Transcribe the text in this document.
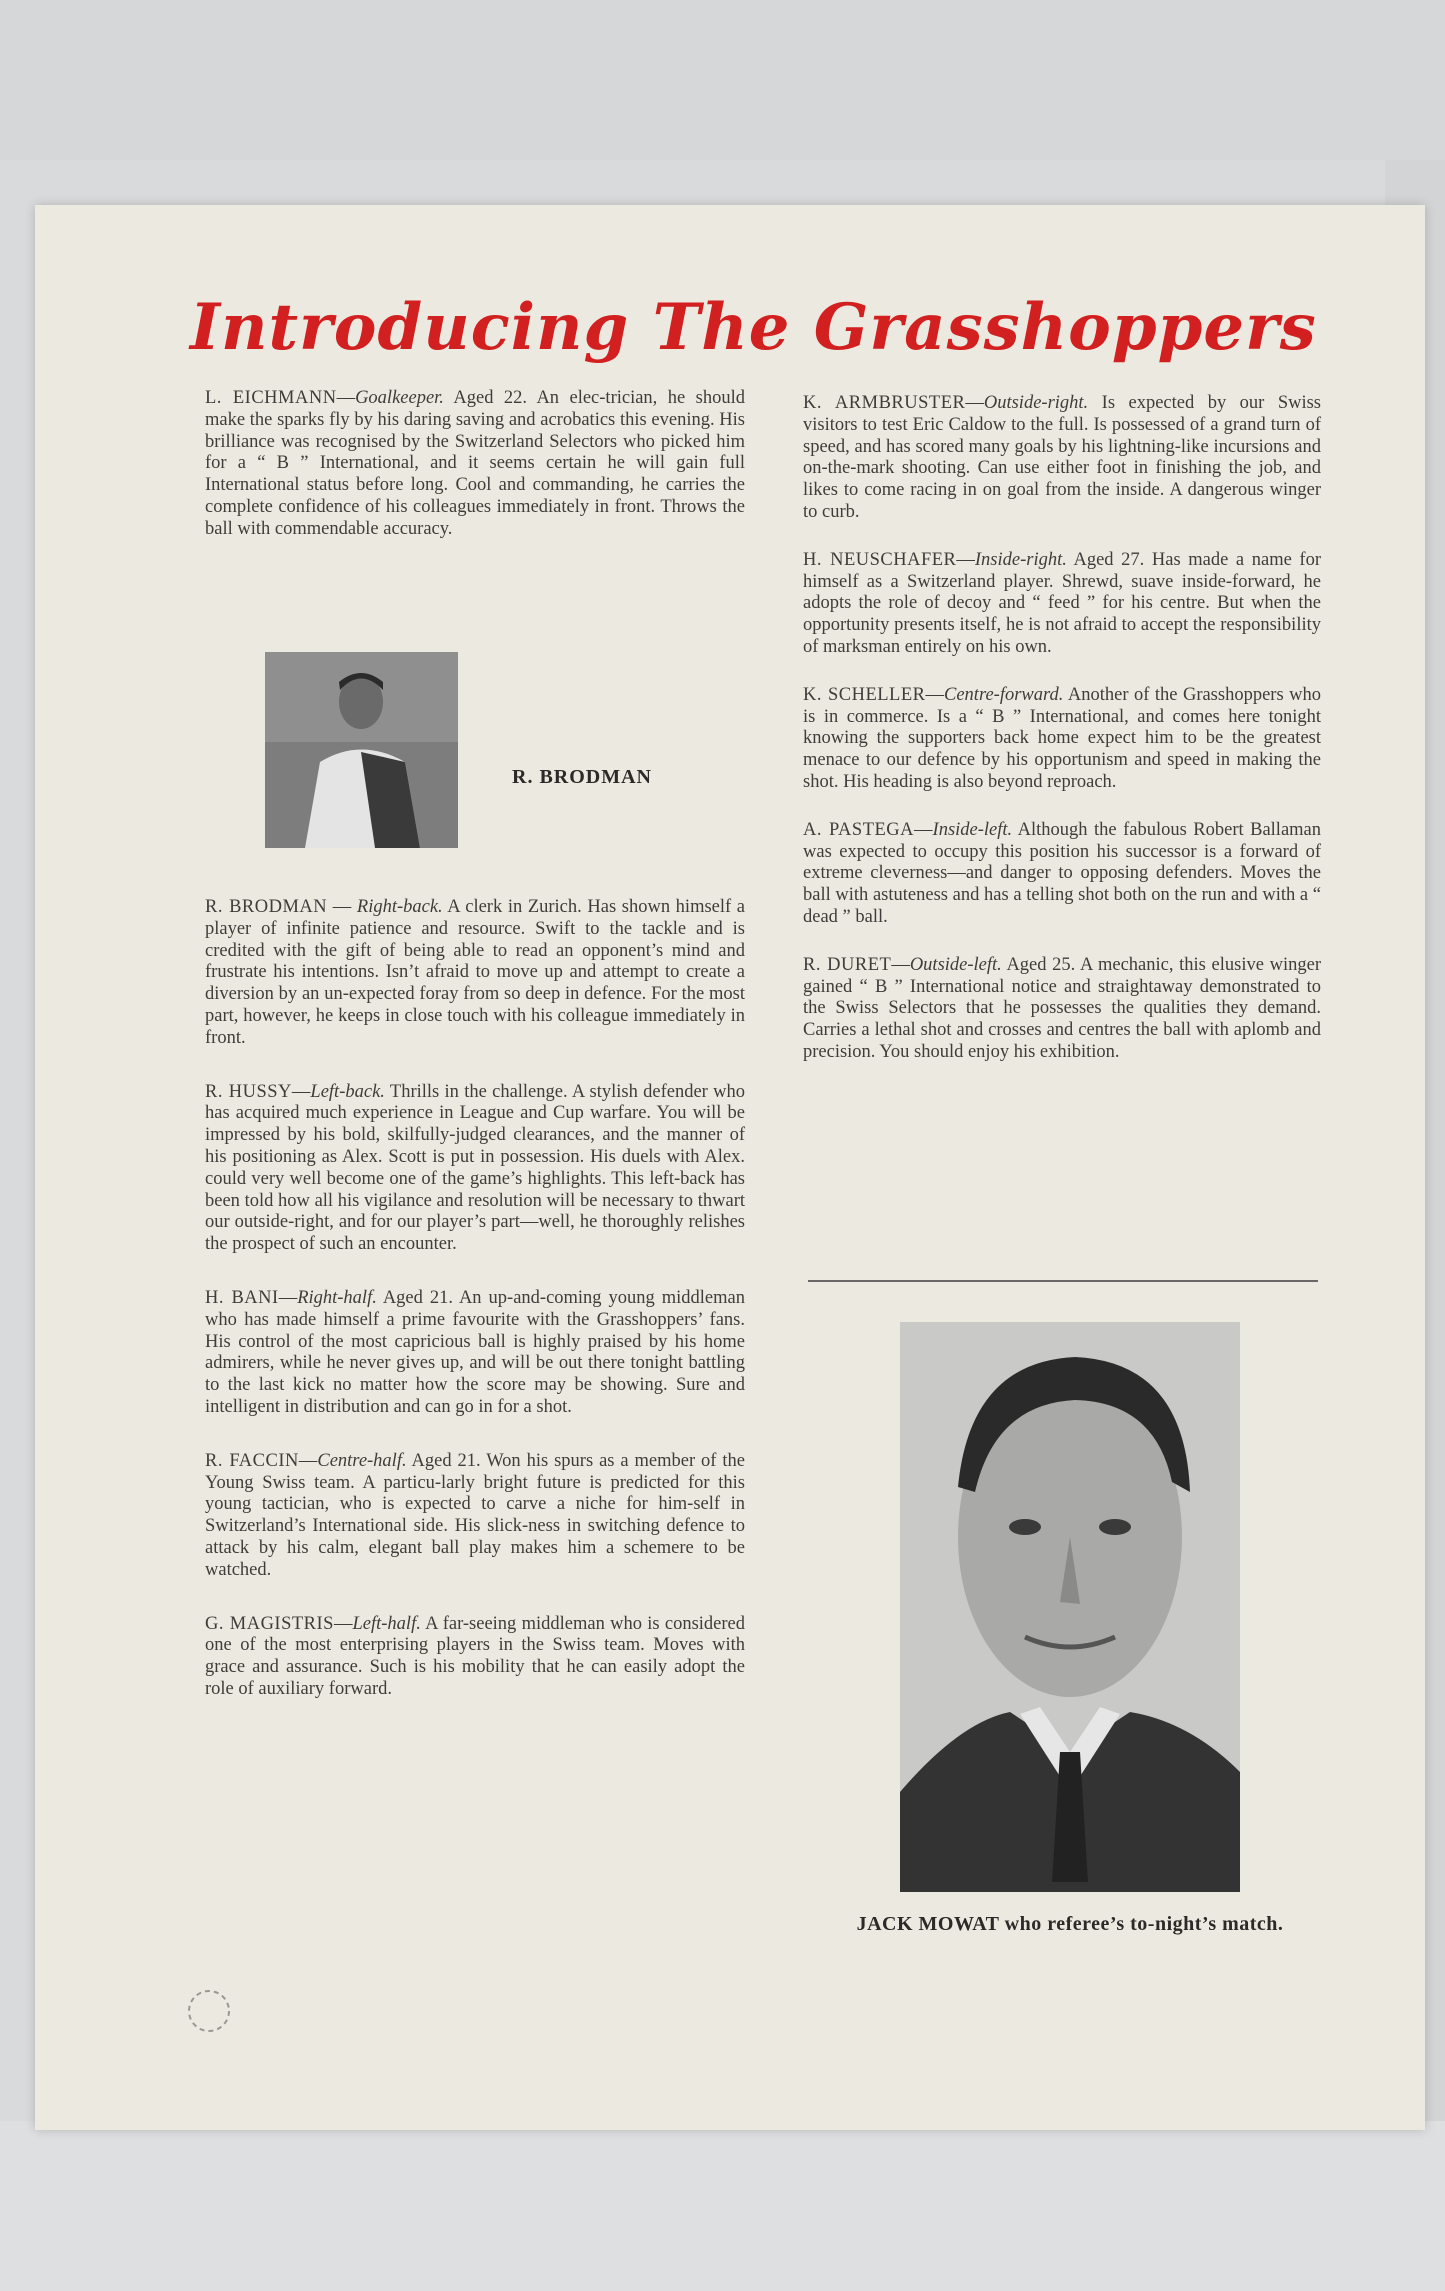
Introducing The Grasshoppers

L. EICHMANN—Goalkeeper. Aged 22. An elec-trician, he should make the sparks fly by his daring saving and acrobatics this evening. His brilliance was recognised by the Switzerland Selectors who picked him for a “ B ” International, and it seems certain he will gain full International status before long. Cool and commanding, he carries the complete confidence of his colleagues immediately in front. Throws the ball with commendable accuracy.

R. BRODMAN

R. BRODMAN — Right-back. A clerk in Zurich. Has shown himself a player of infinite patience and resource. Swift to the tackle and is credited with the gift of being able to read an opponent’s mind and frustrate his intentions. Isn’t afraid to move up and attempt to create a diversion by an un-expected foray from so deep in defence. For the most part, however, he keeps in close touch with his colleague immediately in front.

R. HUSSY—Left-back. Thrills in the challenge. A stylish defender who has acquired much experience in League and Cup warfare. You will be impressed by his bold, skilfully-judged clearances, and the manner of his positioning as Alex. Scott is put in possession. His duels with Alex. could very well become one of the game’s highlights. This left-back has been told how all his vigilance and resolution will be necessary to thwart our outside-right, and for our player’s part—well, he thoroughly relishes the prospect of such an encounter.

H. BANI—Right-half. Aged 21. An up-and-coming young middleman who has made himself a prime favourite with the Grasshoppers’ fans. His control of the most capricious ball is highly praised by his home admirers, while he never gives up, and will be out there tonight battling to the last kick no matter how the score may be showing. Sure and intelligent in distribution and can go in for a shot.

R. FACCIN—Centre-half. Aged 21. Won his spurs as a member of the Young Swiss team. A particu-larly bright future is predicted for this young tactician, who is expected to carve a niche for him-self in Switzerland’s International side. His slick-ness in switching defence to attack by his calm, elegant ball play makes him a schemere to be watched.

G. MAGISTRIS—Left-half. A far-seeing middleman who is considered one of the most enterprising players in the Swiss team. Moves with grace and assurance. Such is his mobility that he can easily adopt the role of auxiliary forward.

K. ARMBRUSTER—Outside-right. Is expected by our Swiss visitors to test Eric Caldow to the full. Is possessed of a grand turn of speed, and has scored many goals by his lightning-like incursions and on-the-mark shooting. Can use either foot in finishing the job, and likes to come racing in on goal from the inside. A dangerous winger to curb.

H. NEUSCHAFER—Inside-right. Aged 27. Has made a name for himself as a Switzerland player. Shrewd, suave inside-forward, he adopts the role of decoy and “ feed ” for his centre. But when the opportunity presents itself, he is not afraid to accept the responsibility of marksman entirely on his own.

K. SCHELLER—Centre-forward. Another of the Grasshoppers who is in commerce. Is a “ B ” International, and comes here tonight knowing the supporters back home expect him to be the greatest menace to our defence by his opportunism and speed in making the shot. His heading is also beyond reproach.

A. PASTEGA—Inside-left. Although the fabulous Robert Ballaman was expected to occupy this position his successor is a forward of extreme cleverness—and danger to opposing defenders. Moves the ball with astuteness and has a telling shot both on the run and with a “ dead ” ball.

R. DURET—Outside-left. Aged 25. A mechanic, this elusive winger gained “ B ” International notice and straightaway demonstrated to the Swiss Selectors that he possesses the qualities they demand. Carries a lethal shot and crosses and centres the ball with aplomb and precision. You should enjoy his exhibition.

JACK MOWAT who referee’s to-night’s match.
